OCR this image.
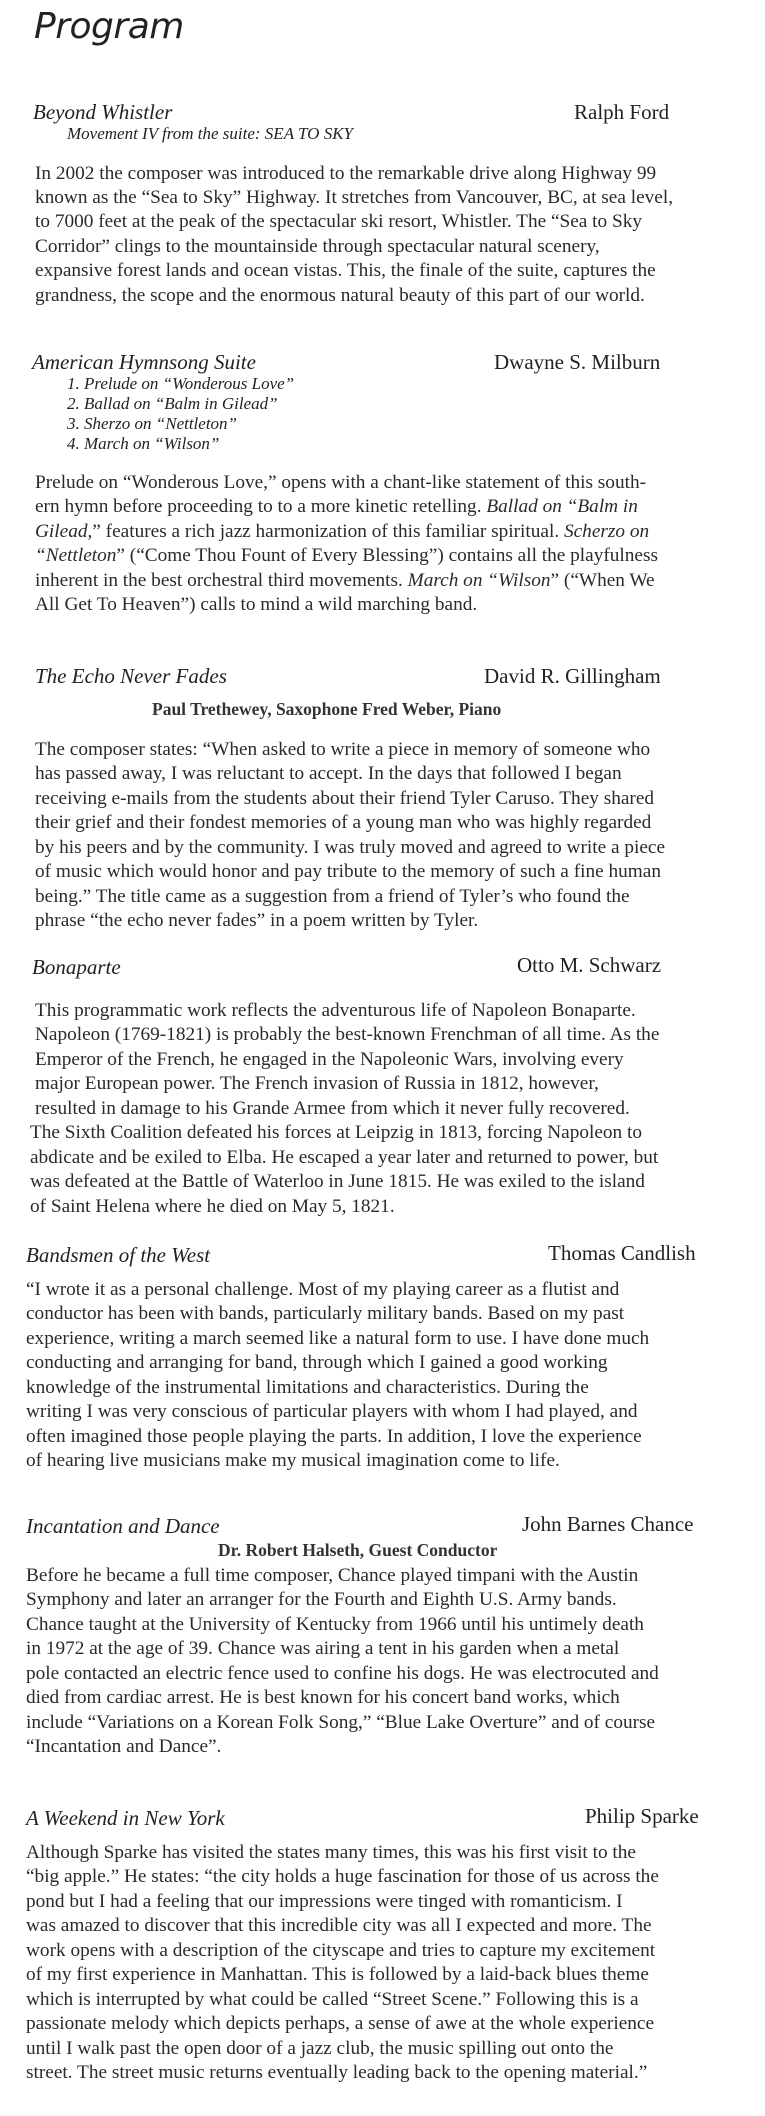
Program
Beyond Whistler	Ralph Ford
Movement IV from the suite: SEA TO SKY
In 2002 the composer was introduced to the remarkable drive along Highway 99
known as the “Sea to Sky” Highway. It stretches from Vancouver, BC, at sea level,
to 7000 feet at the peak of the spectacular ski resort, Whistler. The “Sea to Sky
Corridor” clings to the mountainside through spectacular natural scenery,
expansive forest lands and ocean vistas. This, the finale of the suite, captures the
grandness, the scope and the enormous natural beauty of this part of our world.
American Hymnsong Suite	Dwayne S. Milburn
1. Prelude on “Wonderous Love”
2. Ballad on “Balm in Gilead”
3. Sherzo on “Nettleton”
4. March on “Wilson”
Prelude on “Wonderous Love,” opens with a chant-like statement of this south-
ern hymn before proceeding to to a more kinetic retelling. Ballad on “Balm in
Gilead,” features a rich jazz harmonization of this familiar spiritual. Scherzo on
“Nettleton” (“Come Thou Fount of Every Blessing”) contains all the playfulness
inherent in the best orchestral third movements. March on “Wilson” (“When We
All Get To Heaven”) calls to mind a wild marching band.
The Echo Never Fades	David R. Gillingham
Paul Trethewey, Saxophone Fred Weber, Piano
The composer states: “When asked to write a piece in memory of someone who
has passed away, I was reluctant to accept. In the days that followed I began
receiving e-mails from the students about their friend Tyler Caruso. They shared
their grief and their fondest memories of a young man who was highly regarded
by his peers and by the community. I was truly moved and agreed to write a piece
of music which would honor and pay tribute to the memory of such a fine human
being.” The title came as a suggestion from a friend of Tyler’s who found the
phrase “the echo never fades” in a poem written by Tyler.
Bonaparte	Otto M. Schwarz
This programmatic work reflects the adventurous life of Napoleon Bonaparte.
Napoleon (1769-1821) is probably the best-known Frenchman of all time. As the
Emperor of the French, he engaged in the Napoleonic Wars, involving every
major European power. The French invasion of Russia in 1812, however,
resulted in damage to his Grande Armee from which it never fully recovered.
The Sixth Coalition defeated his forces at Leipzig in 1813, forcing Napoleon to
abdicate and be exiled to Elba. He escaped a year later and returned to power, but
was defeated at the Battle of Waterloo in June 1815. He was exiled to the island
of Saint Helena where he died on May 5, 1821.
Bandsmen of the West	Thomas Candlish
“I wrote it as a personal challenge. Most of my playing career as a flutist and
conductor has been with bands, particularly military bands. Based on my past
experience, writing a march seemed like a natural form to use. I have done much
conducting and arranging for band, through which I gained a good working
knowledge of the instrumental limitations and characteristics. During the
writing I was very conscious of particular players with whom I had played, and
often imagined those people playing the parts. In addition, I love the experience
of hearing live musicians make my musical imagination come to life.
Incantation and Dance	John Barnes Chance
Dr. Robert Halseth, Guest Conductor
Before he became a full time composer, Chance played timpani with the Austin
Symphony and later an arranger for the Fourth and Eighth U.S. Army bands.
Chance taught at the University of Kentucky from 1966 until his untimely death
in 1972 at the age of 39. Chance was airing a tent in his garden when a metal
pole contacted an electric fence used to confine his dogs. He was electrocuted and
died from cardiac arrest. He is best known for his concert band works, which
include “Variations on a Korean Folk Song,” “Blue Lake Overture” and of course
“Incantation and Dance”.
A Weekend in New York	Philip Sparke
Although Sparke has visited the states many times, this was his first visit to the
“big apple.” He states: “the city holds a huge fascination for those of us across the
pond but I had a feeling that our impressions were tinged with romanticism. I
was amazed to discover that this incredible city was all I expected and more. The
work opens with a description of the cityscape and tries to capture my excitement
of my first experience in Manhattan. This is followed by a laid-back blues theme
which is interrupted by what could be called “Street Scene.” Following this is a
passionate melody which depicts perhaps, a sense of awe at the whole experience
until I walk past the open door of a jazz club, the music spilling out onto the
street. The street music returns eventually leading back to the opening material.”
